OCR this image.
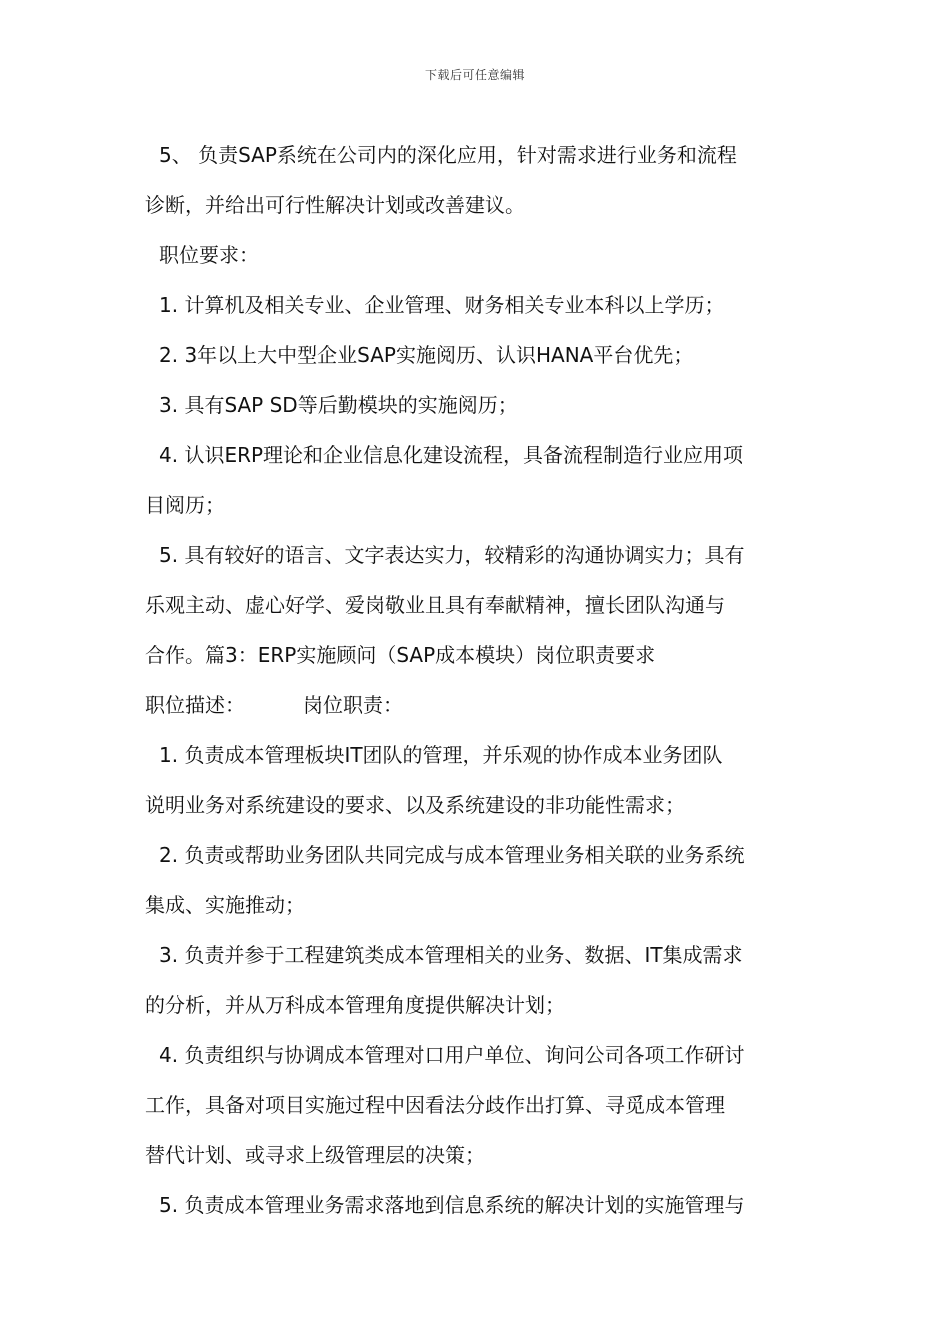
下载后可任意编辑
5、 负责SAP系统在公司内的深化应用，针对需求进行业务和流程
诊断，并给出可行性解决计划或改善建议。
职位要求：
1. 计算机及相关专业、企业管理、财务相关专业本科以上学历；
2. 3年以上大中型企业SAP实施阅历、认识HANA平台优先；
3. 具有SAP SD等后勤模块的实施阅历；
4. 认识ERP理论和企业信息化建设流程，具备流程制造行业应用项
目阅历；
5. 具有较好的语言、文字表达实力，较精彩的沟通协调实力；具有
乐观主动、虚心好学、爱岗敬业且具有奉献精神，擅长团队沟通与
合作。篇3：ERP实施顾问（SAP成本模块）岗位职责要求
职位描述：	岗位职责：
1. 负责成本管理板块IT团队的管理，并乐观的协作成本业务团队
说明业务对系统建设的要求、以及系统建设的非功能性需求；
2. 负责或帮助业务团队共同完成与成本管理业务相关联的业务系统
集成、实施推动；
3. 负责并参于工程建筑类成本管理相关的业务、数据、IT集成需求
的分析，并从万科成本管理角度提供解决计划；
4. 负责组织与协调成本管理对口用户单位、询问公司各项工作研讨
工作，具备对项目实施过程中因看法分歧作出打算、寻觅成本管理
替代计划、或寻求上级管理层的决策；
5. 负责成本管理业务需求落地到信息系统的解决计划的实施管理与
